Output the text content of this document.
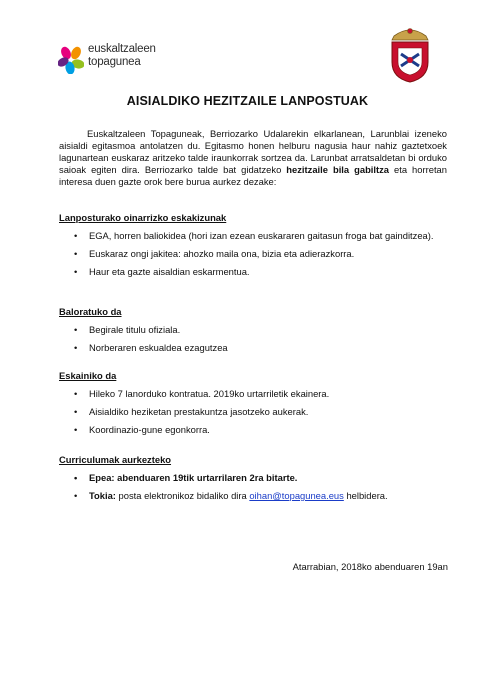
euskaltzaleen
topagunea
AISIALDIKO HEZITZAILE LANPOSTUAK

Euskaltzaleen Topaguneak, Berriozarko Udalarekin elkarlanean, Larunblai izeneko aisialdi egitasmoa antolatzen du. Egitasmo honen helburu nagusia haur nahiz gaztetxoek lagunartean euskaraz aritzeko talde iraunkorrak sortzea da. Larunbat arratsaldetan bi orduko saioak egiten dira. Berriozarko talde bat gidatzeko hezitzaile bila gabiltza eta horretan interesa duen gazte orok bere burua aurkez dezake:

Lanposturako oinarrizko eskakizunak
• EGA, horren baliokidea (hori izan ezean euskararen gaitasun froga bat gainditzea).
• Euskaraz ongi jakitea: ahozko maila ona, bizia eta adierazkorra.
• Haur eta gazte aisaldian eskarmentua.
Baloratuko da
• Begirale titulu ofiziala.
• Norberaren eskualdea ezagutzea
Eskainiko da
• Hileko 7 lanorduko kontratua. 2019ko urtarriletik ekainera.
• Aisialdiko heziketan prestakuntza jasotzeko aukerak.
• Koordinazio-gune egonkorra.
Curriculumak aurkezteko
• Epea: abenduaren 19tik urtarrilaren 2ra bitarte.
• Tokia: posta elektronikoz bidaliko dira oihan@topagunea.eus helbidera.
Atarrabian, 2018ko abenduaren 19an
